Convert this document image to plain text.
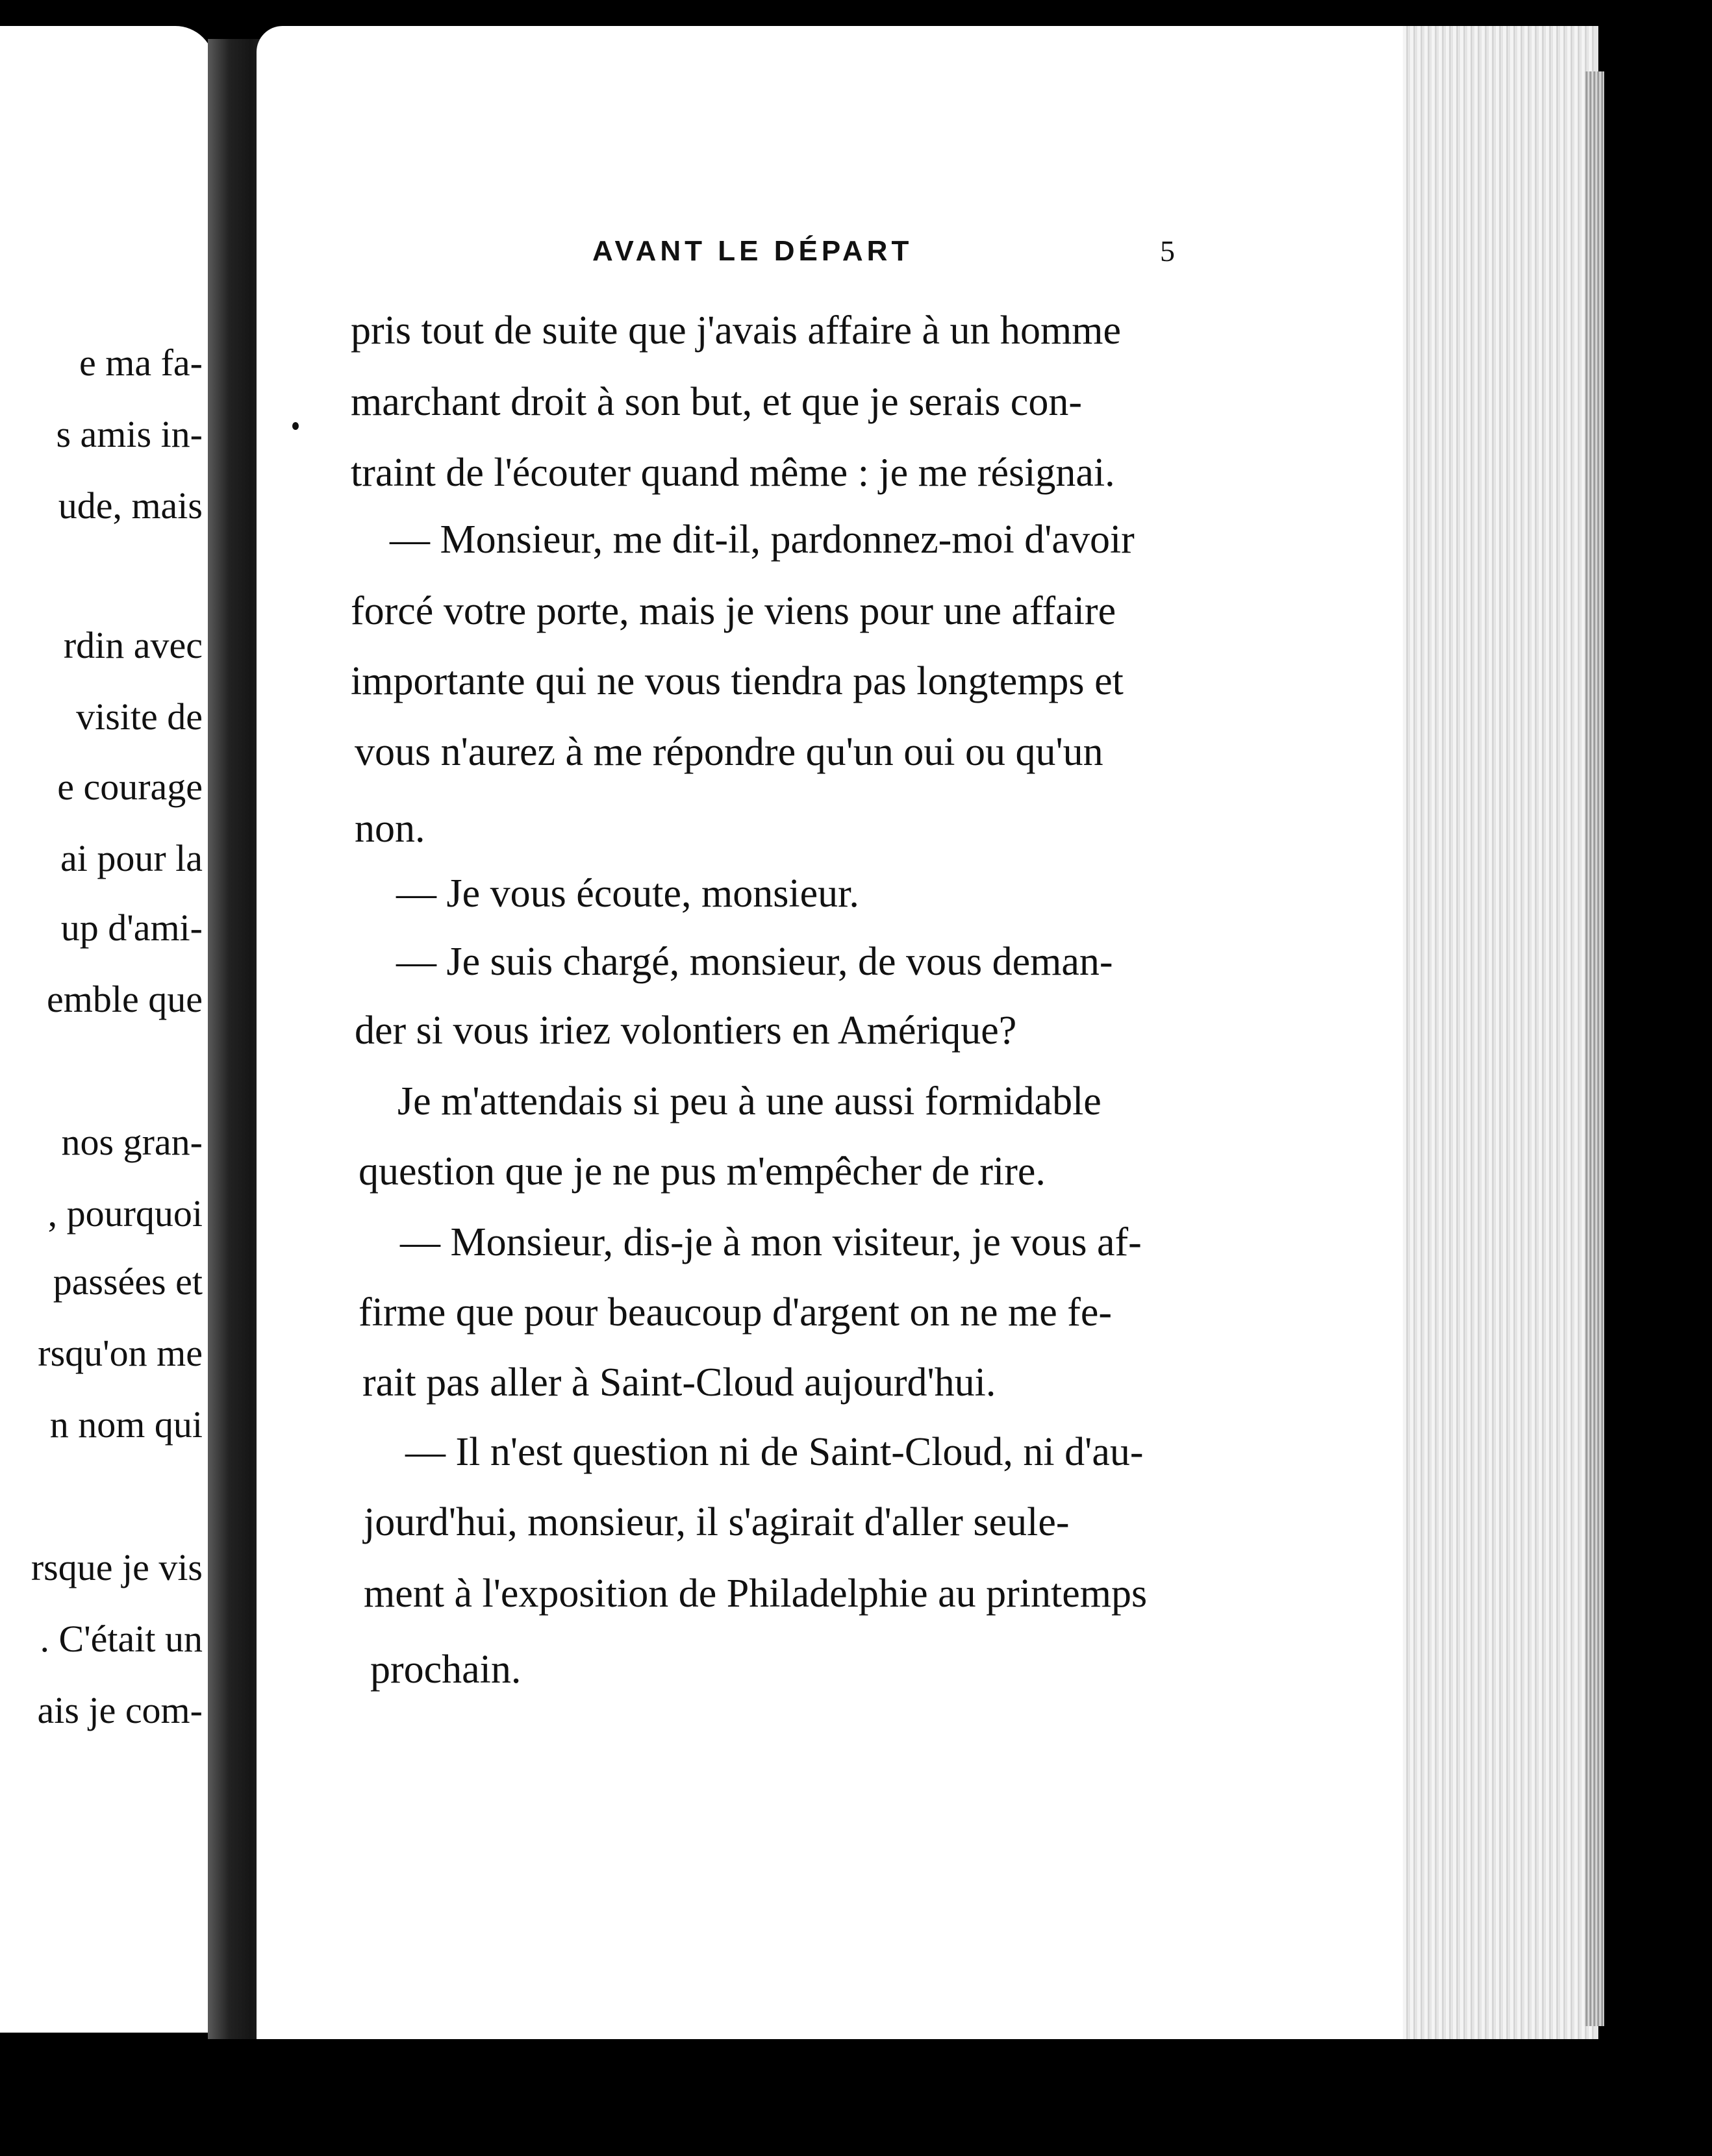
e ma fa-
s amis in-
ude, mais
rdin avec
visite de
e courage
ai pour la
up d'ami-
emble que
nos gran-
, pourquoi
passées et
rsqu'on me
n nom qui
rsque je vis
. C'était un
ais je com-
AVANT LE DÉPART	5
pris tout de suite que j'avais affaire à un homme
marchant droit à son but, et que je serais con-
traint de l'écouter quand même : je me résignai.
— Monsieur, me dit-il, pardonnez-moi d'avoir
forcé votre porte, mais je viens pour une affaire
importante qui ne vous tiendra pas longtemps et
vous n'aurez à me répondre qu'un oui ou qu'un
non.
— Je vous écoute, monsieur.
— Je suis chargé, monsieur, de vous deman-
der si vous iriez volontiers en Amérique?
Je m'attendais si peu à une aussi formidable
question que je ne pus m'empêcher de rire.
— Monsieur, dis-je à mon visiteur, je vous af-
firme que pour beaucoup d'argent on ne me fe-
rait pas aller à Saint-Cloud aujourd'hui.
— Il n'est question ni de Saint-Cloud, ni d'au-
jourd'hui, monsieur, il s'agirait d'aller seule-
ment à l'exposition de Philadelphie au printemps
prochain.
